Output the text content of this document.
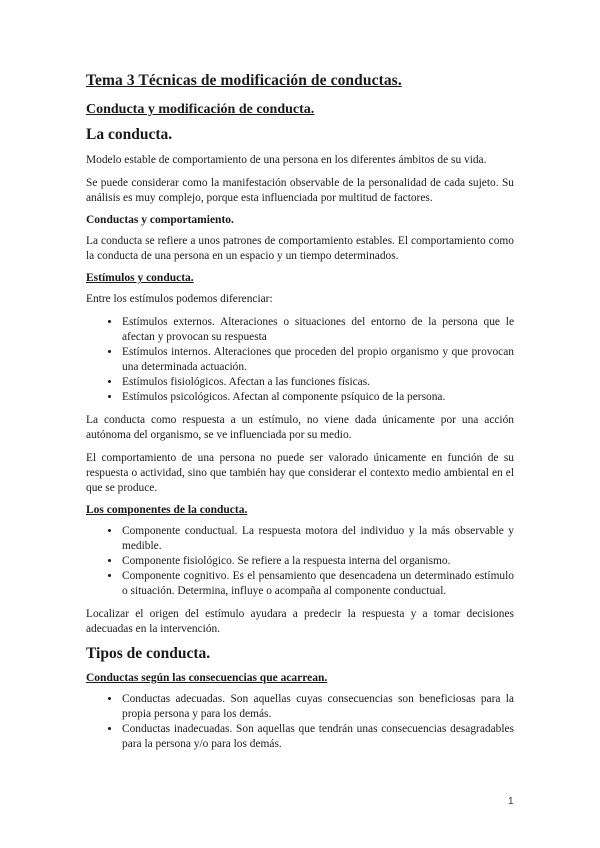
Tema 3 Técnicas de modificación de conductas.
Conducta y modificación de conducta.
La conducta.

Modelo estable de comportamiento de una persona en los diferentes ámbitos de su vida.

Se puede considerar como la manifestación observable de la personalidad de cada sujeto. Su análisis es muy complejo, porque esta influenciada por multitud de factores.

Conductas y comportamiento.

La conducta se refiere a unos patrones de comportamiento estables. El comportamiento como la conducta de una persona en un espacio y un tiempo determinados.

Estímulos y conducta.

Entre los estímulos podemos diferenciar:

• Estímulos externos. Alteraciones o situaciones del entorno de la persona que le afectan y provocan su respuesta
• Estímulos internos. Alteraciones que proceden del propio organismo y que provocan una determinada actuación.
• Estímulos fisiológicos. Afectan a las funciones físicas.
• Estímulos psicológicos. Afectan al componente psíquico de la persona.

La conducta como respuesta a un estímulo, no viene dada únicamente por una acción autónoma del organismo, se ve influenciada por su medio.

El comportamiento de una persona no puede ser valorado únicamente en función de su respuesta o actividad, sino que también hay que considerar el contexto medio ambiental en el que se produce.

Los componentes de la conducta.
• Componente conductual. La respuesta motora del individuo y la más observable y medible.
• Componente fisiológico. Se refiere a la respuesta interna del organismo.
• Componente cognitivo. Es el pensamiento que desencadena un determinado estímulo o situación. Determina, influye o acompaña al componente conductual.

Localizar el origen del estímulo ayudara a predecir la respuesta y a tomar decisiones adecuadas en la intervención.

Tipos de conducta.
Conductas según las consecuencias que acarrean.
• Conductas adecuadas. Son aquellas cuyas consecuencias son beneficiosas para la propia persona y para los demás.
• Conductas inadecuadas. Son aquellas que tendrán unas consecuencias desagradables para la persona y/o para los demás.
1
